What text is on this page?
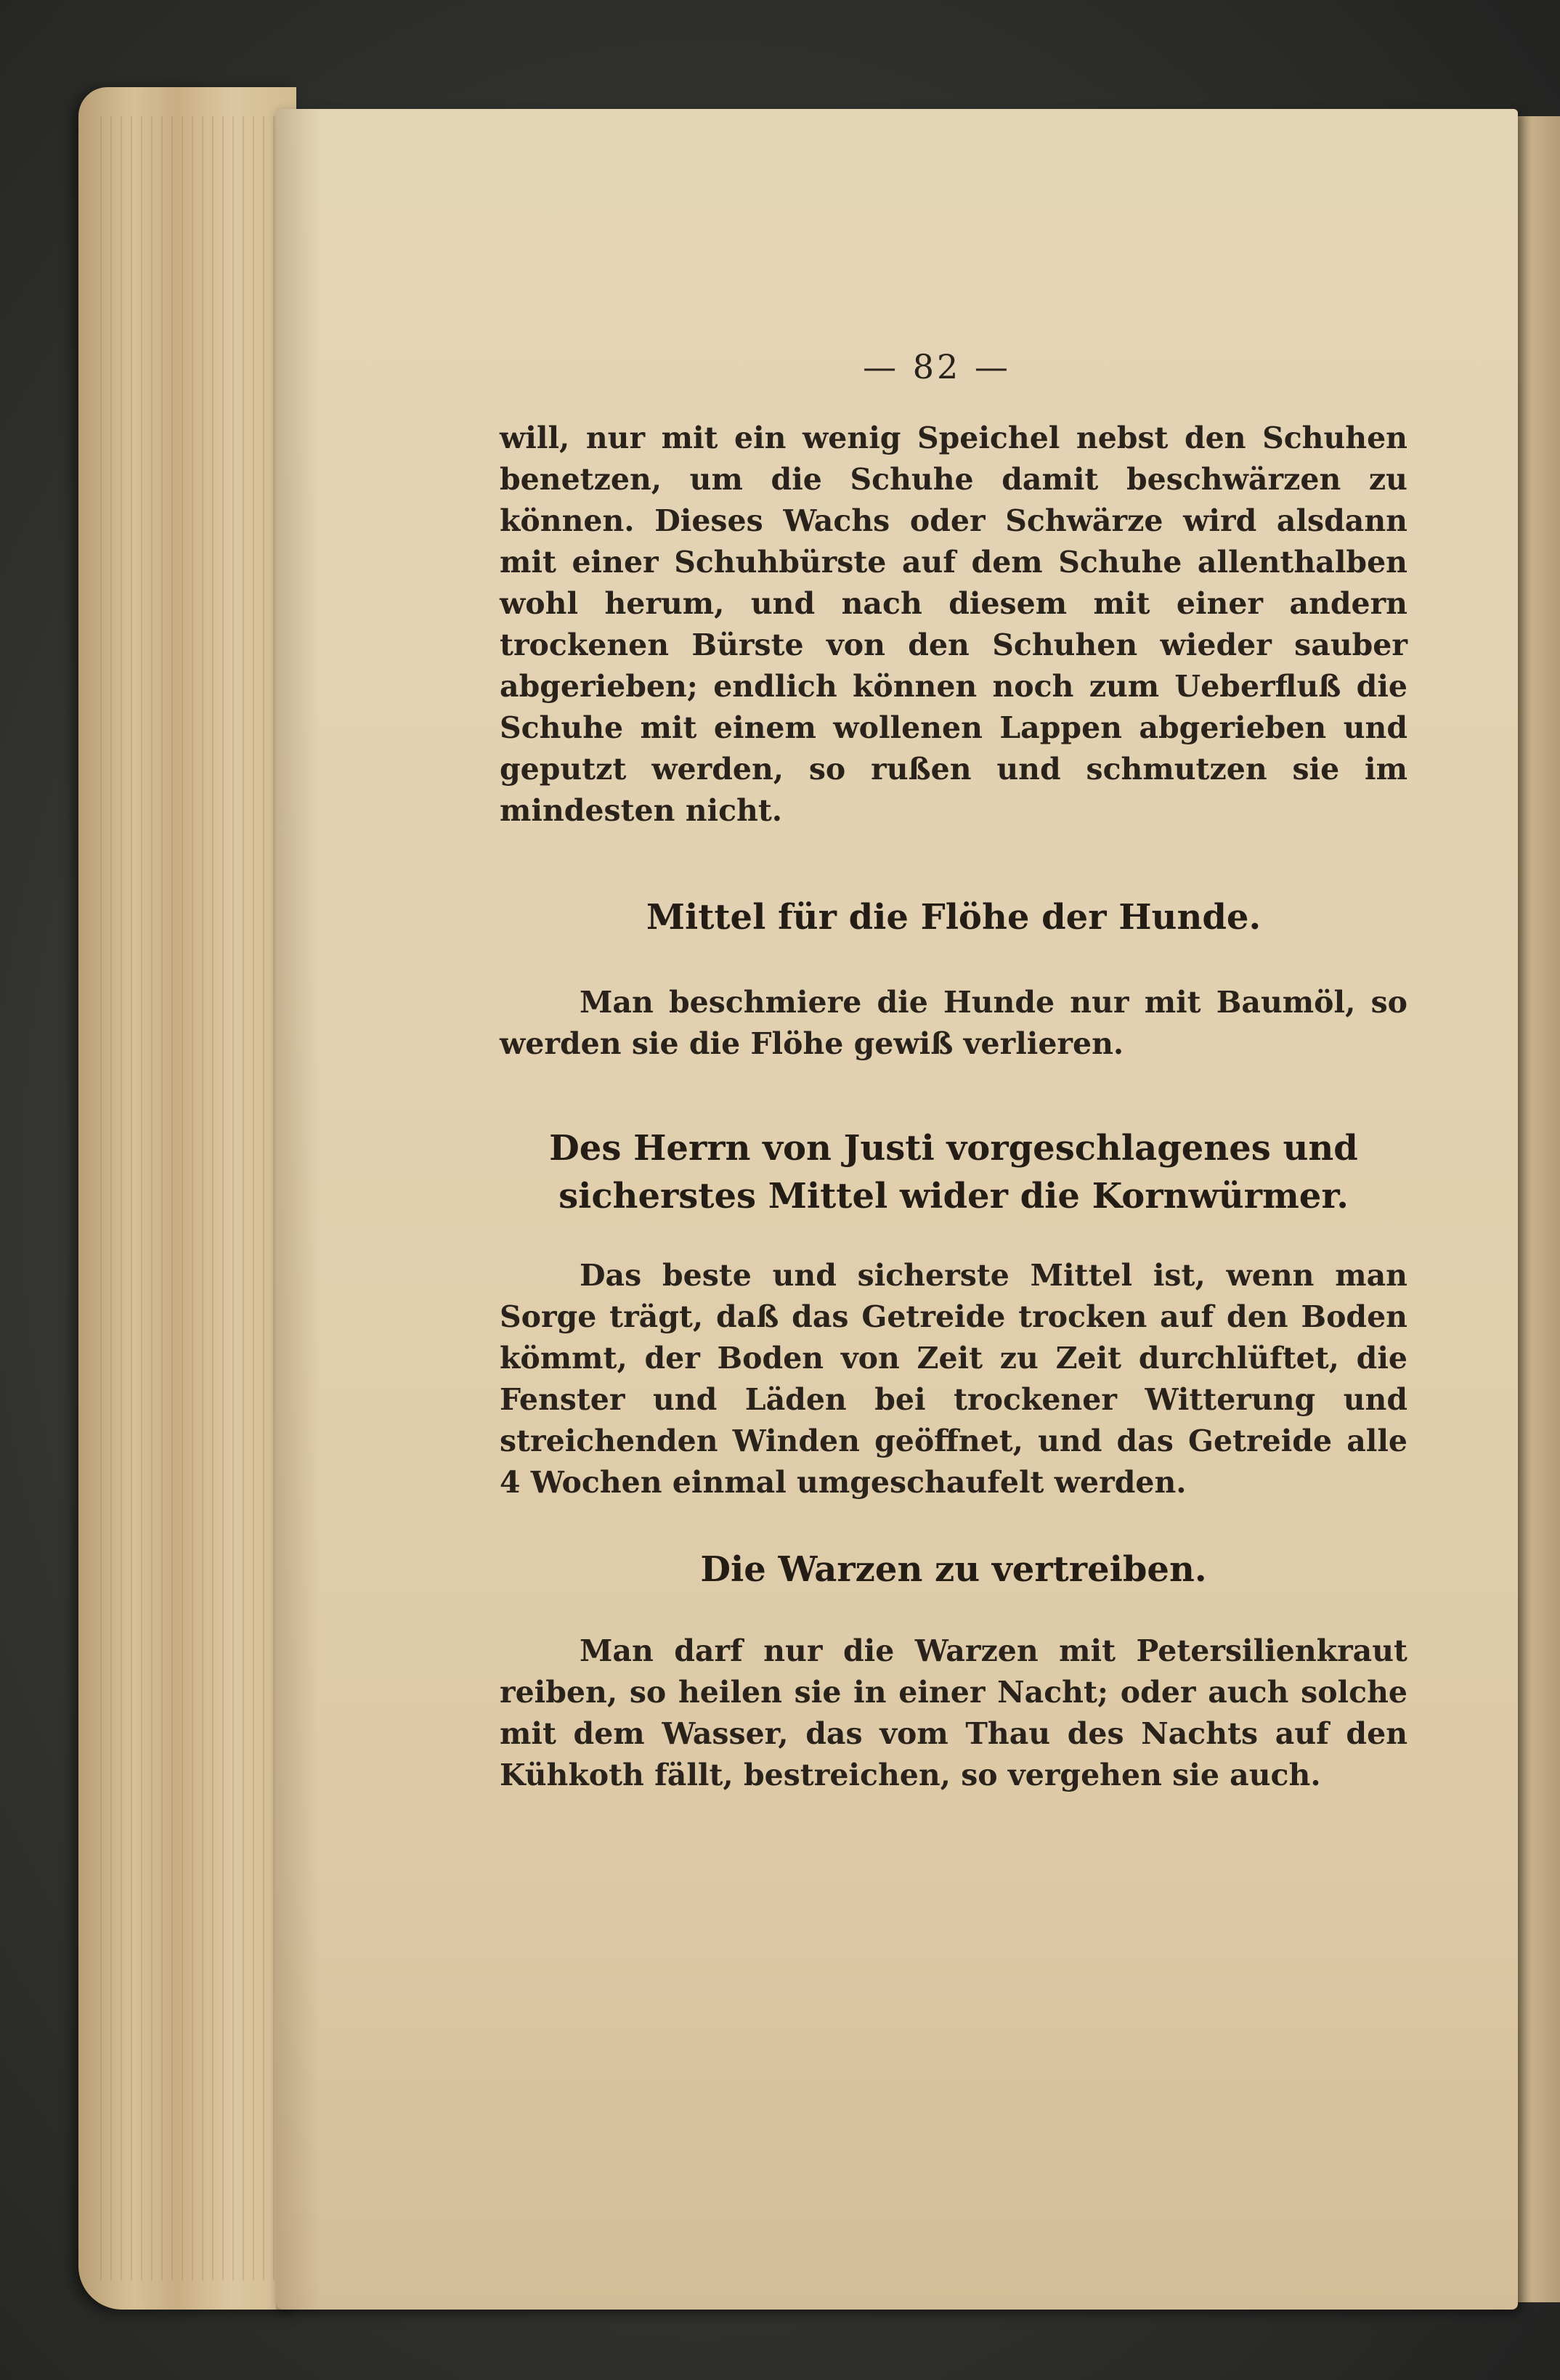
— 82 —
will, nur mit ein wenig Speichel nebst den Schuhen benetzen, um die Schuhe damit beschwärzen zu können. Dieses Wachs oder Schwärze wird alsdann mit einer Schuhbürste auf dem Schuhe allenthalben wohl herum, und nach diesem mit einer andern trockenen Bürste von den Schuhen wieder sauber abgerieben; endlich können noch zum Ueberfluß die Schuhe mit einem wollenen Lappen abgerieben und geputzt werden, so rußen und schmutzen sie im mindesten nicht.
Mittel für die Flöhe der Hunde.
Man beschmiere die Hunde nur mit Baumöl, so werden sie die Flöhe gewiß verlieren.
Des Herrn von Justi vorgeschlagenes und sicherstes Mittel wider die Kornwürmer.
Das beste und sicherste Mittel ist, wenn man Sorge trägt, daß das Getreide trocken auf den Boden kömmt, der Boden von Zeit zu Zeit durchlüftet, die Fenster und Läden bei trockener Witterung und streichenden Winden geöffnet, und das Getreide alle 4 Wochen einmal umgeschaufelt werden.
Die Warzen zu vertreiben.
Man darf nur die Warzen mit Petersilienkraut reiben, so heilen sie in einer Nacht; oder auch solche mit dem Wasser, das vom Thau des Nachts auf den Kühkoth fällt, bestreichen, so vergehen sie auch.
